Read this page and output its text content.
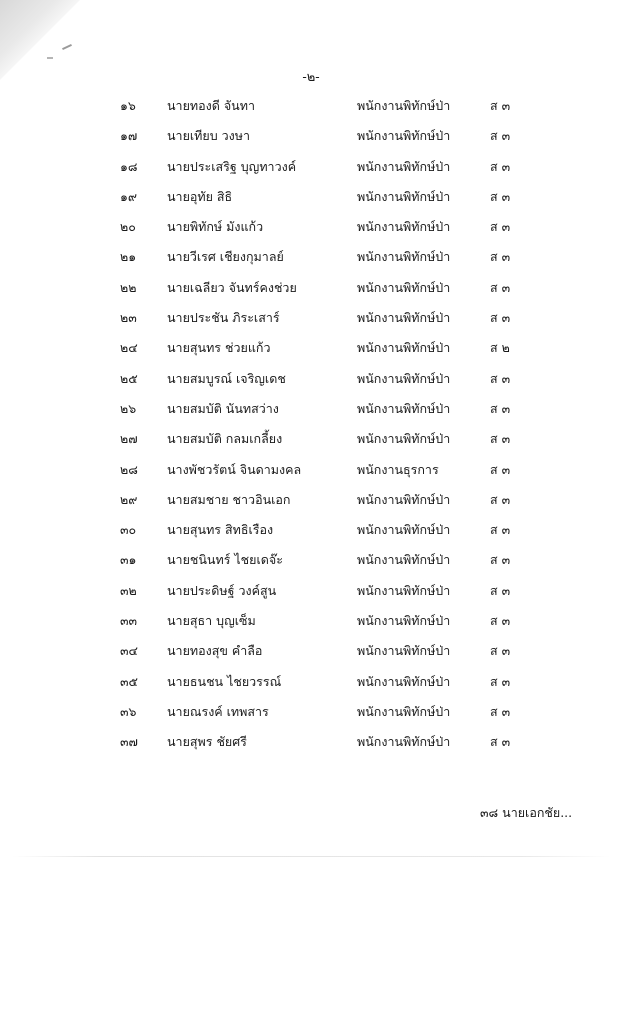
-๒-
๑๖ นายทองดี จันทา	พนักงานพิทักษ์ป่า	ส ๓
๑๗ นายเทียบ วงษา	พนักงานพิทักษ์ป่า	ส ๓
๑๘ นายประเสริฐ บุญทาวงค์	พนักงานพิทักษ์ป่า	ส ๓
๑๙ นายอุทัย สิธิ	พนักงานพิทักษ์ป่า	ส ๓
๒๐ นายพิทักษ์ มังแก้ว	พนักงานพิทักษ์ป่า	ส ๓
๒๑ นายวีเรศ เชียงกุมาลย์	พนักงานพิทักษ์ป่า	ส ๓
๒๒ นายเฉลียว จันทร์คงช่วย	พนักงานพิทักษ์ป่า	ส ๓
๒๓ นายประชัน ภิระเสาร์	พนักงานพิทักษ์ป่า	ส ๓
๒๔ นายสุนทร ช่วยแก้ว	พนักงานพิทักษ์ป่า	ส ๒
๒๕ นายสมบูรณ์ เจริญเดช	พนักงานพิทักษ์ป่า	ส ๓
๒๖ นายสมบัติ นันทสว่าง	พนักงานพิทักษ์ป่า	ส ๓
๒๗ นายสมบัติ กลมเกลี้ยง	พนักงานพิทักษ์ป่า	ส ๓
๒๘ นางพัชวรัตน์ จินดามงคล	พนักงานธุรการ	ส ๓
๒๙ นายสมชาย ชาวอินเอก	พนักงานพิทักษ์ป่า	ส ๓
๓๐ นายสุนทร สิทธิเรือง	พนักงานพิทักษ์ป่า	ส ๓
๓๑ นายชนินทร์ ไชยเดจ๊ะ	พนักงานพิทักษ์ป่า	ส ๓
๓๒ นายประดิษฐ์ วงค์สูน	พนักงานพิทักษ์ป่า	ส ๓
๓๓ นายสุธา บุญเซ็ม	พนักงานพิทักษ์ป่า	ส ๓
๓๔ นายทองสุข คำลือ	พนักงานพิทักษ์ป่า	ส ๓
๓๕ นายธนชน ไชยวรรณ์	พนักงานพิทักษ์ป่า	ส ๓
๓๖ นายณรงค์ เทพสาร	พนักงานพิทักษ์ป่า	ส ๓
๓๗ นายสุพร ชัยศรี	พนักงานพิทักษ์ป่า	ส ๓
๓๘ นายเอกชัย...
